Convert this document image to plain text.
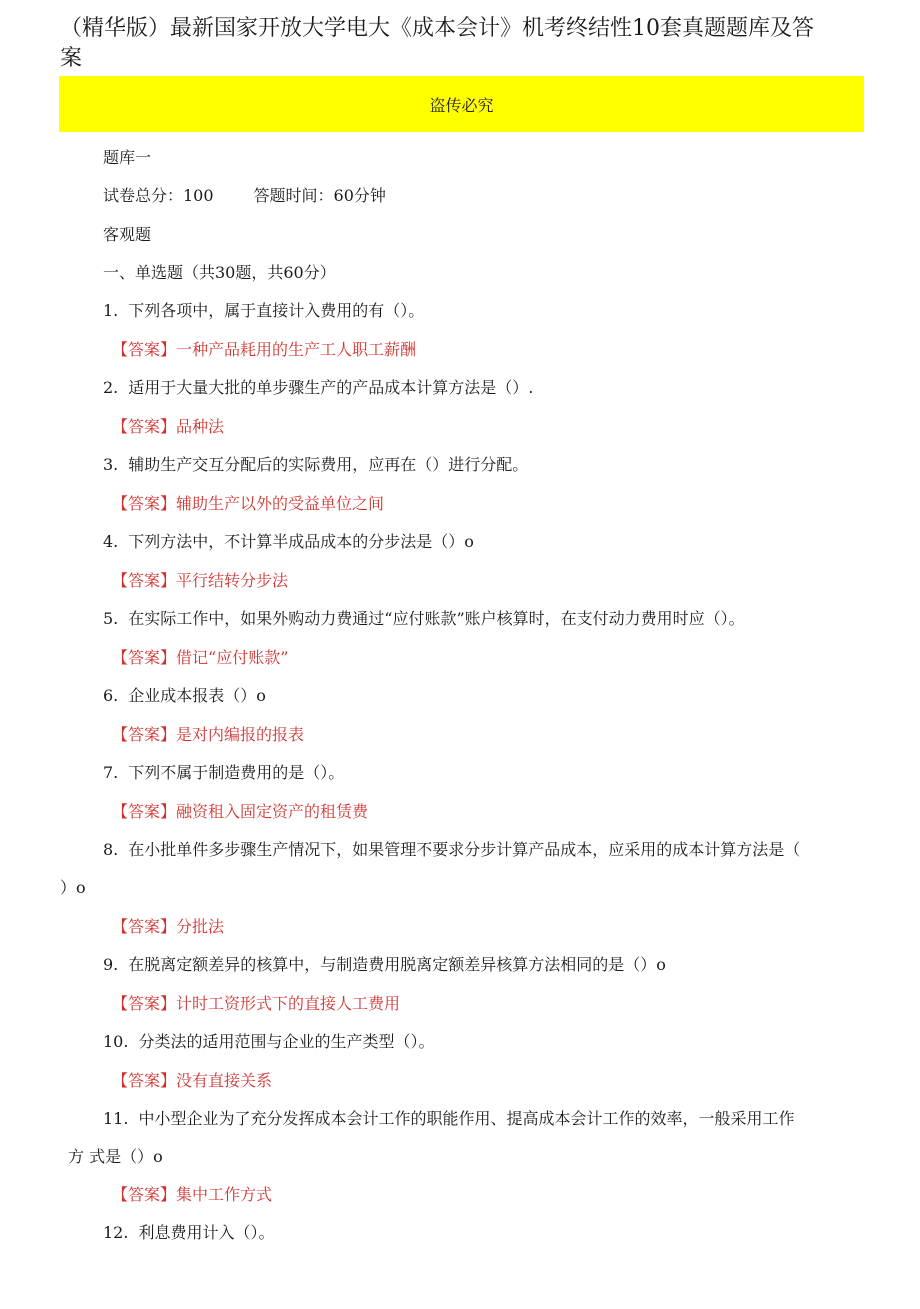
（精华版）最新国家开放大学电大《成本会计》机考终结性10套真题题库及答
案
盗传必究

题库一

试卷总分：100	答题时间：60分钟

客观题

一、单选题（共30题，共60分）

1. 下列各项中，属于直接计入费用的有（）。

【答案】一种产品耗用的生产工人职工薪酬

2. 适用于大量大批的单步骤生产的产品成本计算方法是（）.

【答案】品种法

3. 辅助生产交互分配后的实际费用，应再在（）进行分配。

【答案】辅助生产以外的受益单位之间

4. 下列方法中，不计算半成品成本的分步法是（）o

【答案】平行结转分步法

5. 在实际工作中，如果外购动力费通过“应付账款”账户核算时，在支付动力费用时应（）。

【答案】借记“应付账款”

6. 企业成本报表（）o

【答案】是对内编报的报表

7. 下列不属于制造费用的是（）。

【答案】融资租入固定资产的租赁费

8. 在小批单件多步骤生产情况下，如果管理不要求分步计算产品成本，应采用的成本计算方法是（

）o

【答案】分批法

9. 在脱离定额差异的核算中，与制造费用脱离定额差异核算方法相同的是（）o

【答案】计时工资形式下的直接人工费用

10. 分类法的适用范围与企业的生产类型（）。

【答案】没有直接关系

11. 中小型企业为了充分发挥成本会计工作的职能作用、提高成本会计工作的效率，一般采用工作

方 式是（）o

【答案】集中工作方式

12. 利息费用计入（）。
